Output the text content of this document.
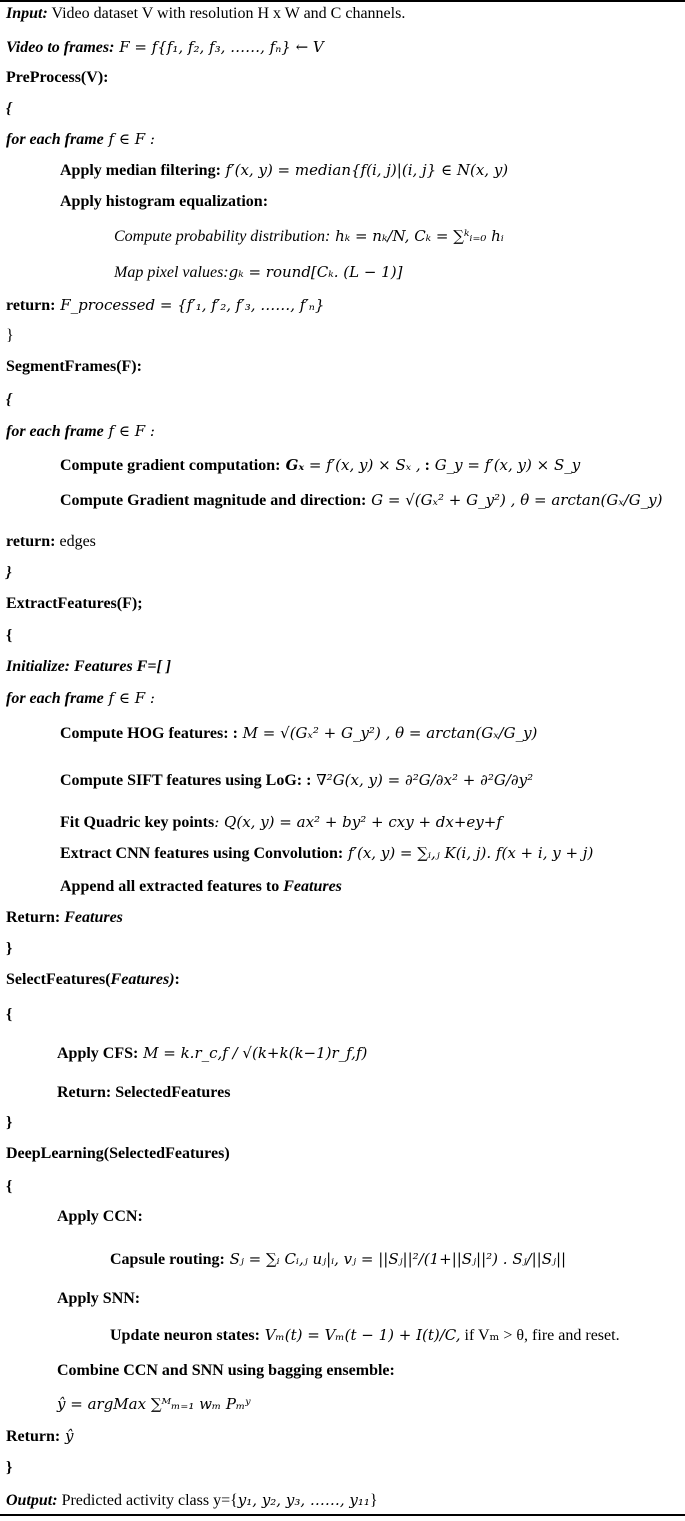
Input: Video dataset V with resolution H x W and C channels.
Video to frames: F = f{f₁, f₂, f₃, ……, fₙ} ← V
PreProcess(V):
{
for each frame f ∈ F :
Apply median filtering: f′(x, y) = median{f(i, j)|(i, j} ∈ N(x, y)
Apply histogram equalization:
Compute probability distribution: hₖ = nₖ/N, Cₖ = ∑ᵏᵢ₌₀ hᵢ
Map pixel values:gₖ = round[Cₖ. (L − 1)]
return: F_processed = {f′₁, f′₂, f′₃, ……, f′ₙ}
}
SegmentFrames(F):
{
for each frame f ∈ F :
Compute gradient computation: Gₓ = f′(x, y) × Sₓ , : G_y = f′(x, y) × S_y
Compute Gradient magnitude and direction: G = √(Gₓ² + G_y²) , θ = arctan(Gₓ/G_y)
return: edges
}
ExtractFeatures(F);
{
Initialize: Features F=[ ]
for each frame f ∈ F :
Compute HOG features: : M = √(Gₓ² + G_y²) , θ = arctan(Gₓ/G_y)
Compute SIFT features using LoG: : ∇²G(x, y) = ∂²G/∂x² + ∂²G/∂y²
Fit Quadric key points: Q(x, y) = ax² + by² + cxy + dx+ey+f
Extract CNN features using Convolution: f′(x, y) = ∑ᵢ,ⱼ K(i, j). f(x + i, y + j)
Append all extracted features to Features
Return: Features
}
SelectFeatures(Features):
{
Apply CFS: M = k.r_c,f / √(k+k(k−1)r_f,f)
Return: SelectedFeatures
}
DeepLearning(SelectedFeatures)
{
Apply CCN:
Capsule routing: Sⱼ = ∑ᵢ Cᵢ,ⱼ uⱼ|ᵢ, vⱼ = ||Sⱼ||²/(1+||Sⱼ||²) . Sⱼ/||Sⱼ||
Apply SNN:
Update neuron states: Vₘ(t) = Vₘ(t − 1) + I(t)/C, if Vₘ > θ, fire and reset.
Combine CCN and SNN using bagging ensemble:
ŷ = argMax ∑ᴹₘ₌₁ wₘ Pₘʸ
Return: ŷ
}
Output: Predicted activity class y={y₁, y₂, y₃, ……, y₁₁}
